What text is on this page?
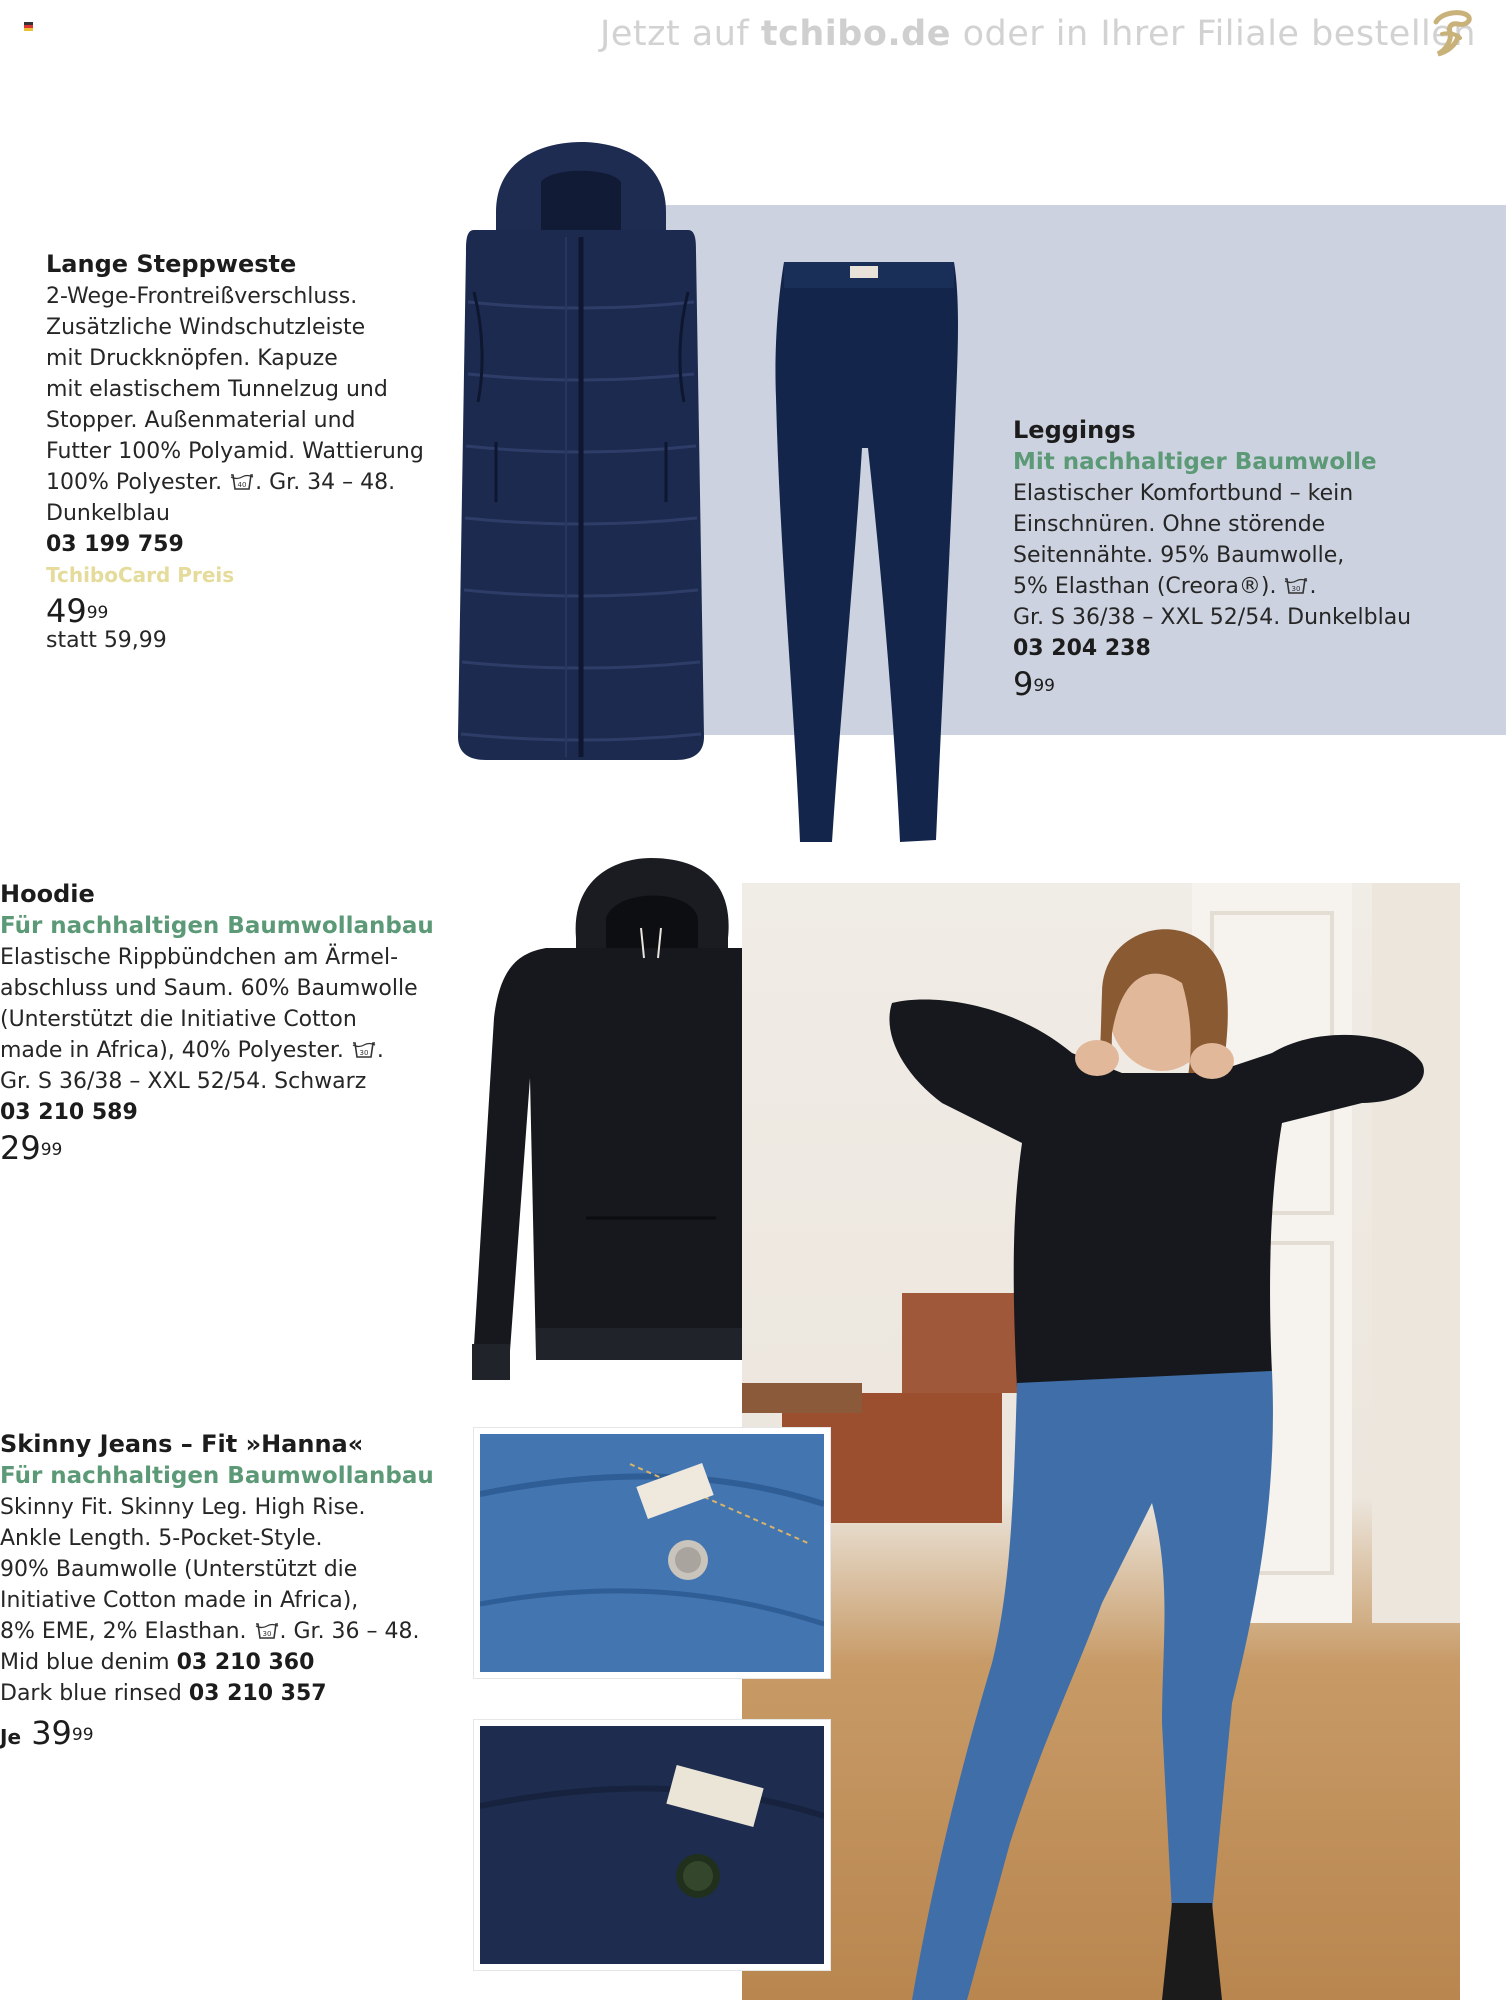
Jetzt auf tchibo.de oder in Ihrer Filiale bestellen
Lange Steppweste
2-Wege-Frontreißverschluss.
Zusätzliche Windschutzleiste
mit Druckknöpfen. Kapuze
mit elastischem Tunnelzug und
Stopper. Außenmaterial und
Futter 100% Polyamid. Wattierung
100% Polyester. 40 . Gr. 34 – 48.
Dunkelblau
03 199 759
TchiboCard Preis
$49^{99}$
statt 59,99
Leggings
Mit nachhaltiger Baumwolle
Elastischer Komfortbund – kein
Einschnüren. Ohne störende
Seitennähte. 95% Baumwolle,
5% Elasthan (Creora®). 30 .
Gr. S 36/38 – XXL 52/54. Dunkelblau
03 204 238
$9^{99}$
Hoodie
Für nachhaltigen Baumwollanbau
Elastische Rippbündchen am Ärmel-
abschluss und Saum. 60% Baumwolle
(Unterstützt die Initiative Cotton
made in Africa), 40% Polyester. 30 .
Gr. S 36/38 – XXL 52/54. Schwarz
03 210 589
$29^{99}$
Skinny Jeans – Fit »Hanna«
Für nachhaltigen Baumwollanbau
Skinny Fit. Skinny Leg. High Rise.
Ankle Length. 5-Pocket-Style.
90% Baumwolle (Unterstützt die
Initiative Cotton made in Africa),
8% EME, 2% Elasthan. 30 . Gr. 36 – 48.
Mid blue denim 03 210 360
Dark blue rinsed 03 210 357
Je $39^{99}$
